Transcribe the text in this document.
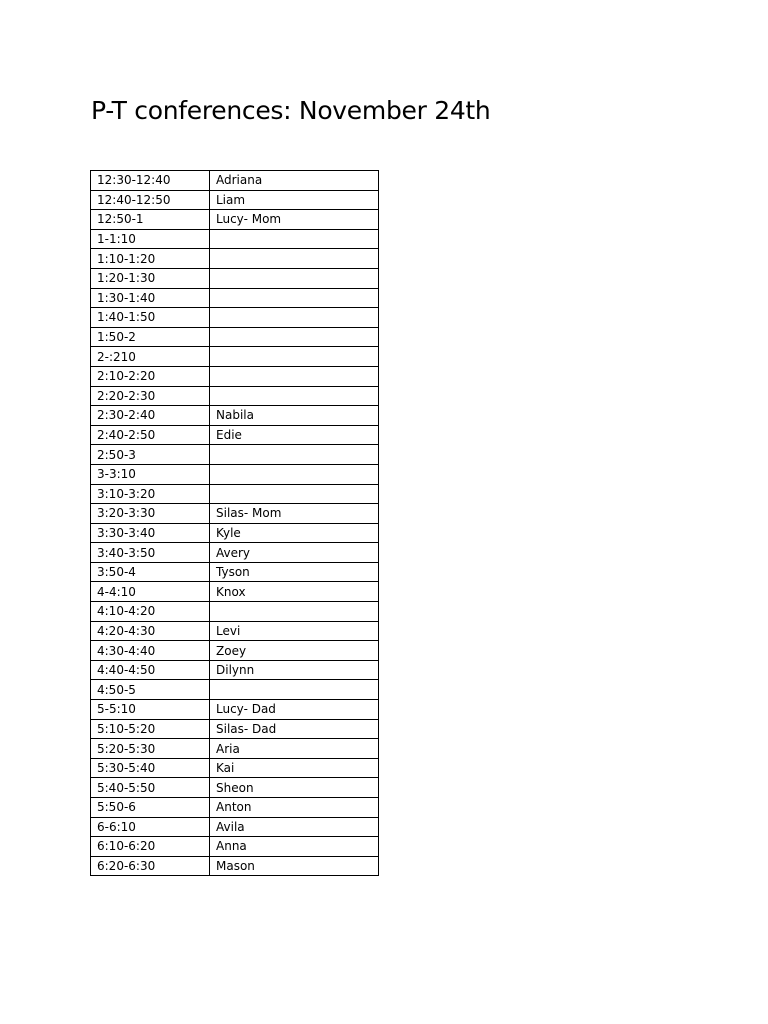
P-T conferences: November 24th
12:30-12:40	Adriana
12:40-12:50	Liam
12:50-1	Lucy- Mom
1-1:10	
1:10-1:20	
1:20-1:30	
1:30-1:40	
1:40-1:50	
1:50-2	
2-:210	
2:10-2:20	
2:20-2:30	
2:30-2:40	Nabila
2:40-2:50	Edie
2:50-3	
3-3:10	
3:10-3:20	
3:20-3:30	Silas- Mom
3:30-3:40	Kyle
3:40-3:50	Avery
3:50-4	Tyson
4-4:10	Knox
4:10-4:20	
4:20-4:30	Levi
4:30-4:40	Zoey
4:40-4:50	Dilynn
4:50-5	
5-5:10	Lucy- Dad
5:10-5:20	Silas- Dad
5:20-5:30	Aria
5:30-5:40	Kai
5:40-5:50	Sheon
5:50-6	Anton
6-6:10	Avila
6:10-6:20	Anna
6:20-6:30	Mason
